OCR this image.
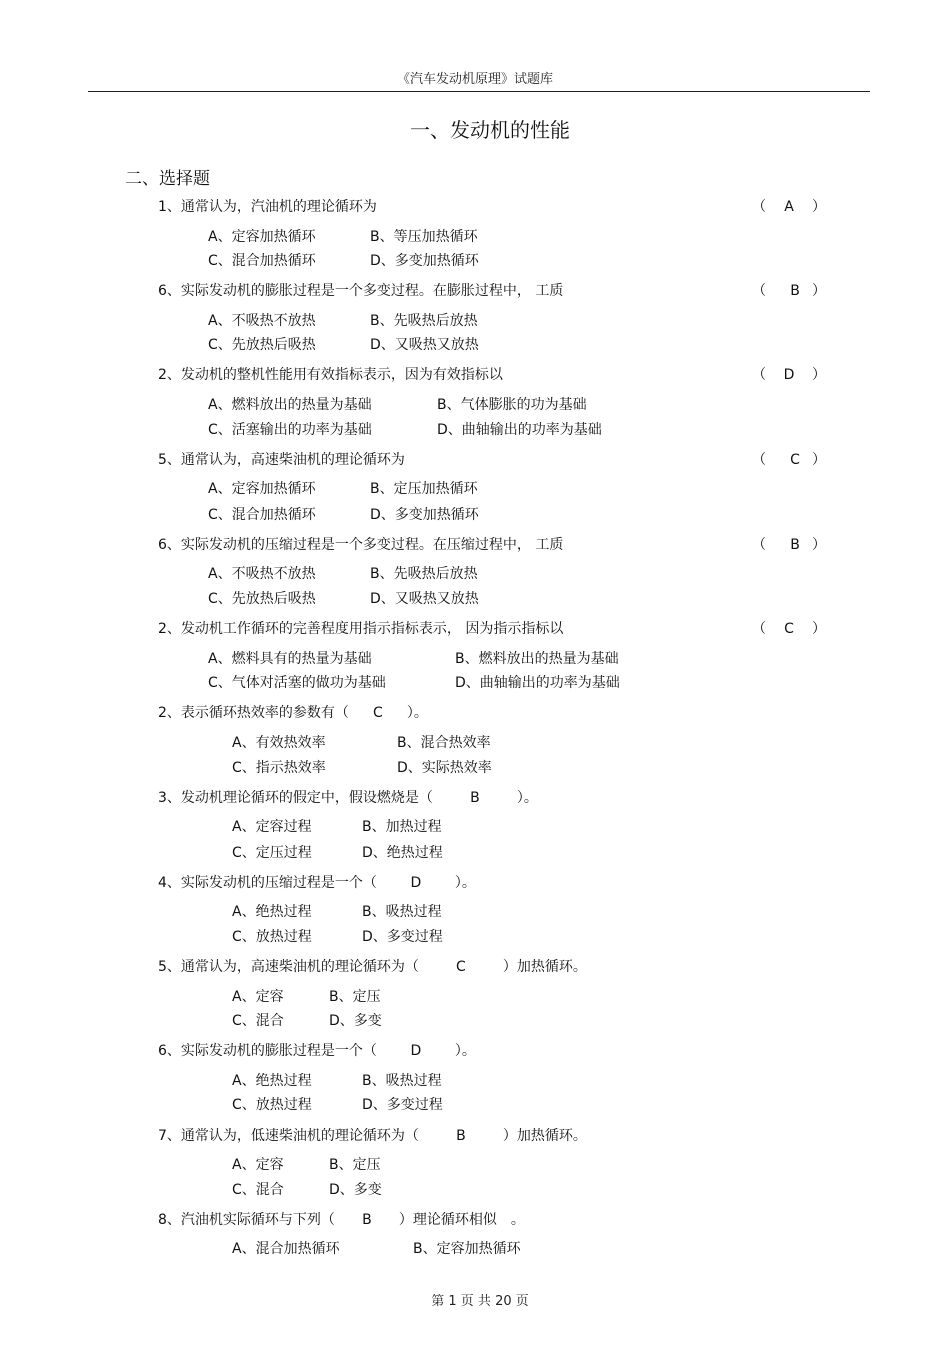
《汽车发动机原理》试题库
一、发动机的性能
二、选择题
1、通常认为，汽油机的理论循环为	（	A	）
A、定容加热循环	B、等压加热循环
C、混合加热循环	D、多变加热循环
6、实际发动机的膨胀过程是一个多变过程。在膨胀过程中， 工质	（	B ）
A、不吸热不放热	B、先吸热后放热
C、先放热后吸热	D、又吸热又放热
2、发动机的整机性能用有效指标表示，因为有效指标以	（	D	）
A、燃料放出的热量为基础	B、气体膨胀的功为基础
C、活塞输出的功率为基础	D、曲轴输出的功率为基础
5、通常认为，高速柴油机的理论循环为	（	C ）
A、定容加热循环	B、定压加热循环
C、混合加热循环	D、多变加热循环
6、实际发动机的压缩过程是一个多变过程。在压缩过程中， 工质	（	B ）
A、不吸热不放热	B、先吸热后放热
C、先放热后吸热	D、又吸热又放热
2、发动机工作循环的完善程度用指示指标表示， 因为指示指标以	（	C	）
A、燃料具有的热量为基础	B、燃料放出的热量为基础
C、气体对活塞的做功为基础	D、曲轴输出的功率为基础
2、表示循环热效率的参数有（ C ）。
A、有效热效率	B、混合热效率
C、指示热效率	D、实际热效率
3、发动机理论循环的假定中，假设燃烧是（	B	）。
A、定容过程	B、加热过程
C、定压过程	D、绝热过程
4、实际发动机的压缩过程是一个（ D ）。
A、绝热过程	B、吸热过程
C、放热过程	D、多变过程
5、通常认为，高速柴油机的理论循环为（	C	）加热循环。
A、定容	B、定压
C、混合	D、多变
6、实际发动机的膨胀过程是一个（ D ）。
A、绝热过程	B、吸热过程
C、放热过程	D、多变过程
7、通常认为，低速柴油机的理论循环为（	B	）加热循环。
A、定容	B、定压
C、混合	D、多变
8、汽油机实际循环与下列（ B ）理论循环相似 。
A、混合加热循环	B、定容加热循环
第 1 页 共 20 页
